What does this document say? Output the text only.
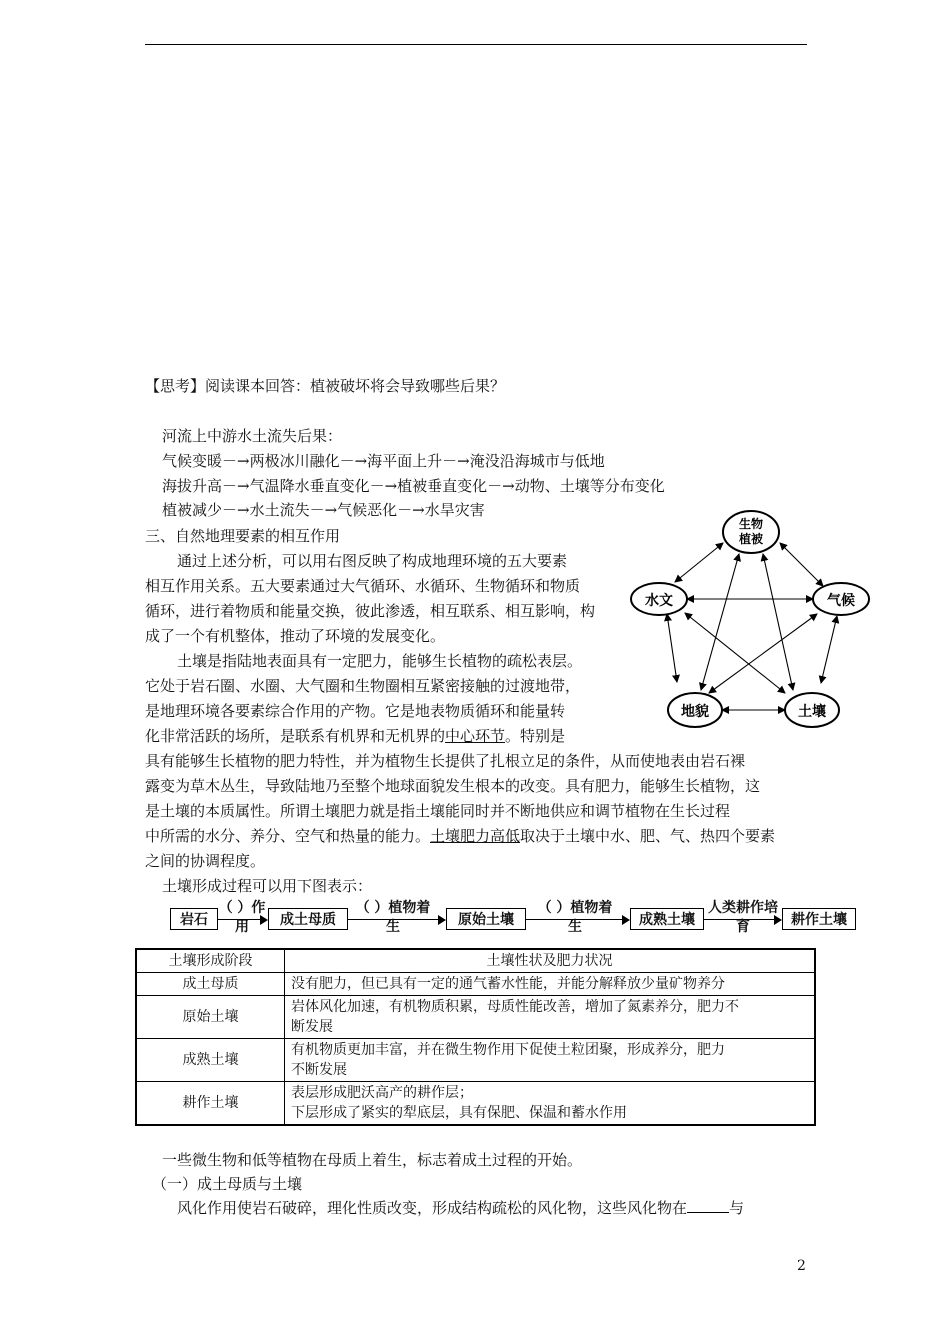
【思考】阅读课本回答：植被破坏将会导致哪些后果？
河流上中游水土流失后果：
气候变暖－→两极冰川融化－→海平面上升－→淹没沿海城市与低地
海拔升高－→气温降水垂直变化－→植被垂直变化－→动物、土壤等分布变化
植被减少－→水土流失－→气候恶化－→水旱灾害
三、自然地理要素的相互作用
通过上述分析，可以用右图反映了构成地理环境的五大要素
相互作用关系。五大要素通过大气循环、水循环、生物循环和物质
循环，进行着物质和能量交换，彼此渗透，相互联系、相互影响，构
成了一个有机整体，推动了环境的发展变化。
土壤是指陆地表面具有一定肥力，能够生长植物的疏松表层。
它处于岩石圈、水圈、大气圈和生物圈相互紧密接触的过渡地带，
是地理环境各要素综合作用的产物。它是地表物质循环和能量转
化非常活跃的场所，是联系有机界和无机界的中心环节。特别是
具有能够生长植物的肥力特性，并为植物生长提供了扎根立足的条件，从而使地表由岩石裸
露变为草木丛生，导致陆地乃至整个地球面貌发生根本的改变。具有肥力，能够生长植物，这
是土壤的本质属性。所谓土壤肥力就是指土壤能同时并不断地供应和调节植物在生长过程
中所需的水分、养分、空气和热量的能力。土壤肥力高低取决于土壤中水、肥、气、热四个要素
之间的协调程度。
土壤形成过程可以用下图表示：
生物
植被
水文	气候
地貌	土壤
岩石
（ ）作
用	成土母质
（ ）植物着
生	原始土壤
（ ）植物着
生	成熟土壤
人类耕作培
育	耕作土壤
土壤形成阶段	土壤性状及肥力状况
成土母质	没有肥力，但已具有一定的通气蓄水性能，并能分解释放少量矿物养分

原始土壤	岩体风化加速，有机物质积累，母质性能改善，增加了氮素养分，肥力不
断发展

成熟土壤	有机物质更加丰富，并在微生物作用下促使土粒团聚，形成养分，肥力
不断发展

耕作土壤	表层形成肥沃高产的耕作层；
下层形成了紧实的犁底层，具有保肥、保温和蓄水作用
一些微生物和低等植物在母质上着生，标志着成土过程的开始。
（一）成土母质与土壤
风化作用使岩石破碎，理化性质改变，形成结构疏松的风化物，这些风化物在	与
2
